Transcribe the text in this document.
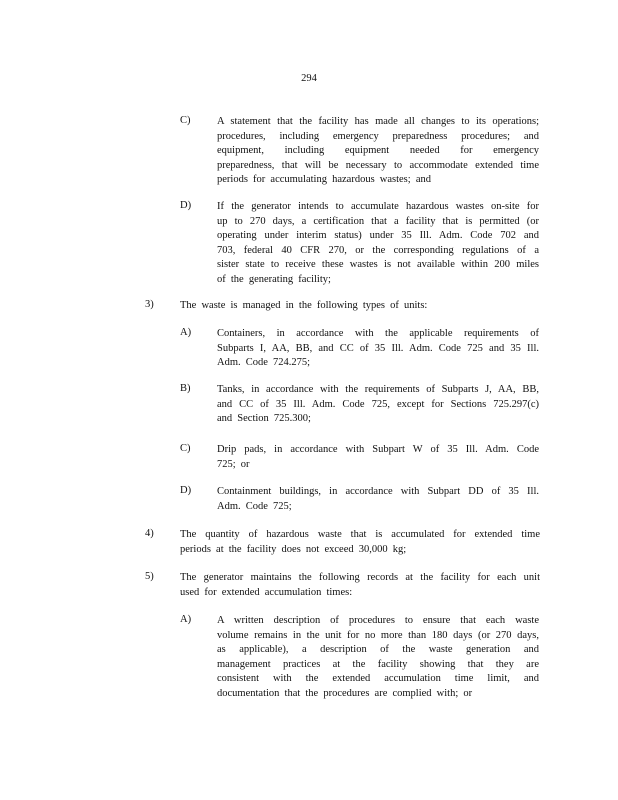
294
C)	A statement that the facility has made all changes to its operations;
procedures, including emergency preparedness procedures; and
equipment, including equipment needed for emergency
preparedness, that will be necessary to accommodate extended time
periods for accumulating hazardous wastes; and
D) If the generator intends to accumulate hazardous wastes on-site for
up to 270 days, a certification that a facility that is permitted (or
operating under interim status) under 35 Ill. Adm. Code 702 and
703, federal 40 CFR 270, or the corresponding regulations of a
sister state to receive these wastes is not available within 200 miles
of the generating facility;
3)	The waste is managed in the following types of units:
A) Containers, in accordance with the applicable requirements of
Subparts I, AA, BB, and CC of 35 Ill. Adm. Code 725 and 35 Ill.
Adm. Code 724.275;
B)	Tanks, in accordance with the requirements of Subparts J, AA, BB,
and CC of 35 Ill. Adm. Code 725, except for Sections 725.297(c)
and Section 725.300;
C)	Drip pads, in accordance with Subpart W of 35 Ill. Adm. Code
725; or
D) Containment buildings, in accordance with Subpart DD of 35 Ill.
Adm. Code 725;
4)	The quantity of hazardous waste that is accumulated for extended time
periods at the facility does not exceed 30,000 kg;
5)	The generator maintains the following records at the facility for each unit
used for extended accumulation times:
A) A written description of procedures to ensure that each waste
volume remains in the unit for no more than 180 days (or 270 days,
as applicable), a description of the waste generation and
management practices at the facility showing that they are
consistent with the extended accumulation time limit, and
documentation that the procedures are complied with; or
